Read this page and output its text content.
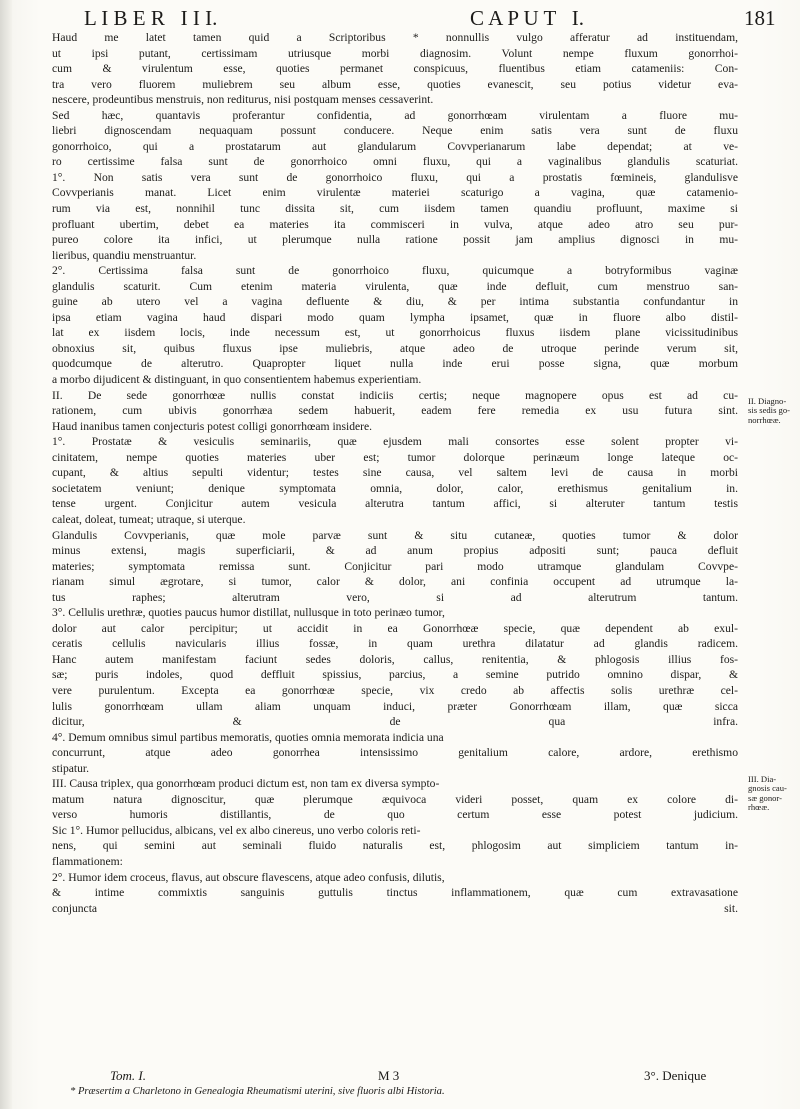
L I B E R   I I I.	C A P U T   I.	181
Haud me latet tamen quid a Scriptoribus * nonnullis vulgo afferatur ad instituendam,
ut ipsi putant, certissimam utriusque morbi diagnosim. Volunt nempe fluxum gonorrhoi-
cum & virulentum esse, quoties permanet conspicuus, fluentibus etiam catameniis: Con-
tra vero fluorem muliebrem seu album esse, quoties evanescit, seu potius videtur eva-
nescere, prodeuntibus menstruis, non rediturus, nisi postquam menses cessaverint.
Sed hæc, quantavis proferantur confidentia, ad gonorrhœam virulentam a fluore mu-
liebri dignoscendam nequaquam possunt conducere. Neque enim satis vera sunt de fluxu
gonorrhoico, qui a prostatarum aut glandularum Covvperianarum labe dependat; at ve-
ro certissime falsa sunt de gonorrhoico omni fluxu, qui a vaginalibus glandulis scaturiat.
1°. Non satis vera sunt de gonorrhoico fluxu, qui a prostatis fœmineis, glandulisve
Covvperianis manat. Licet enim virulentæ materiei scaturigo a vagina, quæ catamenio-
rum via est, nonnihil tunc dissita sit, cum iisdem tamen quandiu profluunt, maxime si
profluant ubertim, debet ea materies ita commisceri in vulva, atque adeo atro seu pur-
pureo colore ita infici, ut plerumque nulla ratione possit jam amplius dignosci in mu-
lieribus, quandiu menstruantur.
2°. Certissima falsa sunt de gonorrhoico fluxu, quicumque a botryformibus vaginæ
glandulis scaturit. Cum etenim materia virulenta, quæ inde defluit, cum menstruo san-
guine ab utero vel a vagina defluente & diu, & per intima substantia confundantur in
ipsa etiam vagina haud dispari modo quam lympha ipsamet, quæ in fluore albo distil-
lat ex iisdem locis, inde necessum est, ut gonorrhoicus fluxus iisdem plane vicissitudinibus
obnoxius sit, quibus fluxus ipse muliebris, atque adeo de utroque perinde verum sit,
quodcumque de alterutro. Quapropter liquet nulla inde erui posse signa, quæ morbum
a morbo dijudicent & distinguant, in quo consentientem habemus experientiam.
II. De sede gonorrhœæ nullis constat indiciis certis; neque magnopere opus est ad cu-
rationem, cum ubivis gonorrhæa sedem habuerit, eadem fere remedia ex usu futura sint.
Haud inanibus tamen conjecturis potest colligi gonorrhœam insidere.
1°. Prostatæ & vesiculis seminariis, quæ ejusdem mali consortes esse solent propter vi-
cinitatem, nempe quoties materies uber est; tumor dolorque perinæum longe lateque oc-
cupant, & altius sepulti videntur; testes sine causa, vel saltem levi de causa in morbi
societatem veniunt; denique symptomata omnia, dolor, calor, erethismus genitalium in.
tense urgent. Conjicitur autem vesicula alterutra tantum affici, si alteruter tantum testis
caleat, doleat, tumeat; utraque, si uterque.
Glandulis Covvperianis, quæ mole parvæ sunt & situ cutaneæ, quoties tumor & dolor
minus extensi, magis superficiarii, & ad anum propius adpositi sunt; pauca defluit
materies; symptomata remissa sunt. Conjicitur pari modo utramque glandulam Covvpe-
rianam simul ægrotare, si tumor, calor & dolor, ani confinia occupent ad utrumque la-
tus raphes; alterutram vero, si ad alterutrum tantum.
3°. Cellulis urethræ, quoties paucus humor distillat, nullusque in toto perinæo tumor,
dolor aut calor percipitur; ut accidit in ea Gonorrhœæ specie, quæ dependent ab exul-
ceratis cellulis navicularis illius fossæ, in quam urethra dilatatur ad glandis radicem.
Hanc autem manifestam faciunt sedes doloris, callus, renitentia, & phlogosis illius fos-
sæ; puris indoles, quod deffluit spissius, parcius, a semine putrido omnino dispar, &
vere purulentum. Excepta ea gonorrhœæ specie, vix credo ab affectis solis urethræ cel-
lulis gonorrhœam ullam aliam unquam induci, præter Gonorrhœam illam, quæ sicca
dicitur, & de qua infra.
4°. Demum omnibus simul partibus memoratis, quoties omnia memorata indicia una
concurrunt, atque adeo gonorrhea intensissimo genitalium calore, ardore, erethismo
stipatur.
III. Causa triplex, qua gonorrhœam produci dictum est, non tam ex diversa sympto-
matum natura dignoscitur, quæ plerumque æquivoca videri posset, quam ex colore di-
verso humoris distillantis, de quo certum esse potest judicium.
Sic 1°. Humor pellucidus, albicans, vel ex albo cinereus, uno verbo coloris reti-
nens, qui semini aut seminali fluido naturalis est, phlogosim aut simpliciem tantum in-
flammationem:
2°. Humor idem croceus, flavus, aut obscure flavescens, atque adeo confusis, dilutis,
& intime commixtis sanguinis guttulis tinctus inflammationem, quæ cum extravasatione
conjuncta sit.
II. Diagno-
sis sedis go-
norrhœæ.
III. Dia-
gnosis cau-
sæ gonor-
rhœæ.
Tom. I.	M 3	3°. Denique
* Præsertim a Charletono in Genealogia Rheumatismi uterini, sive fluoris albi Historia.
